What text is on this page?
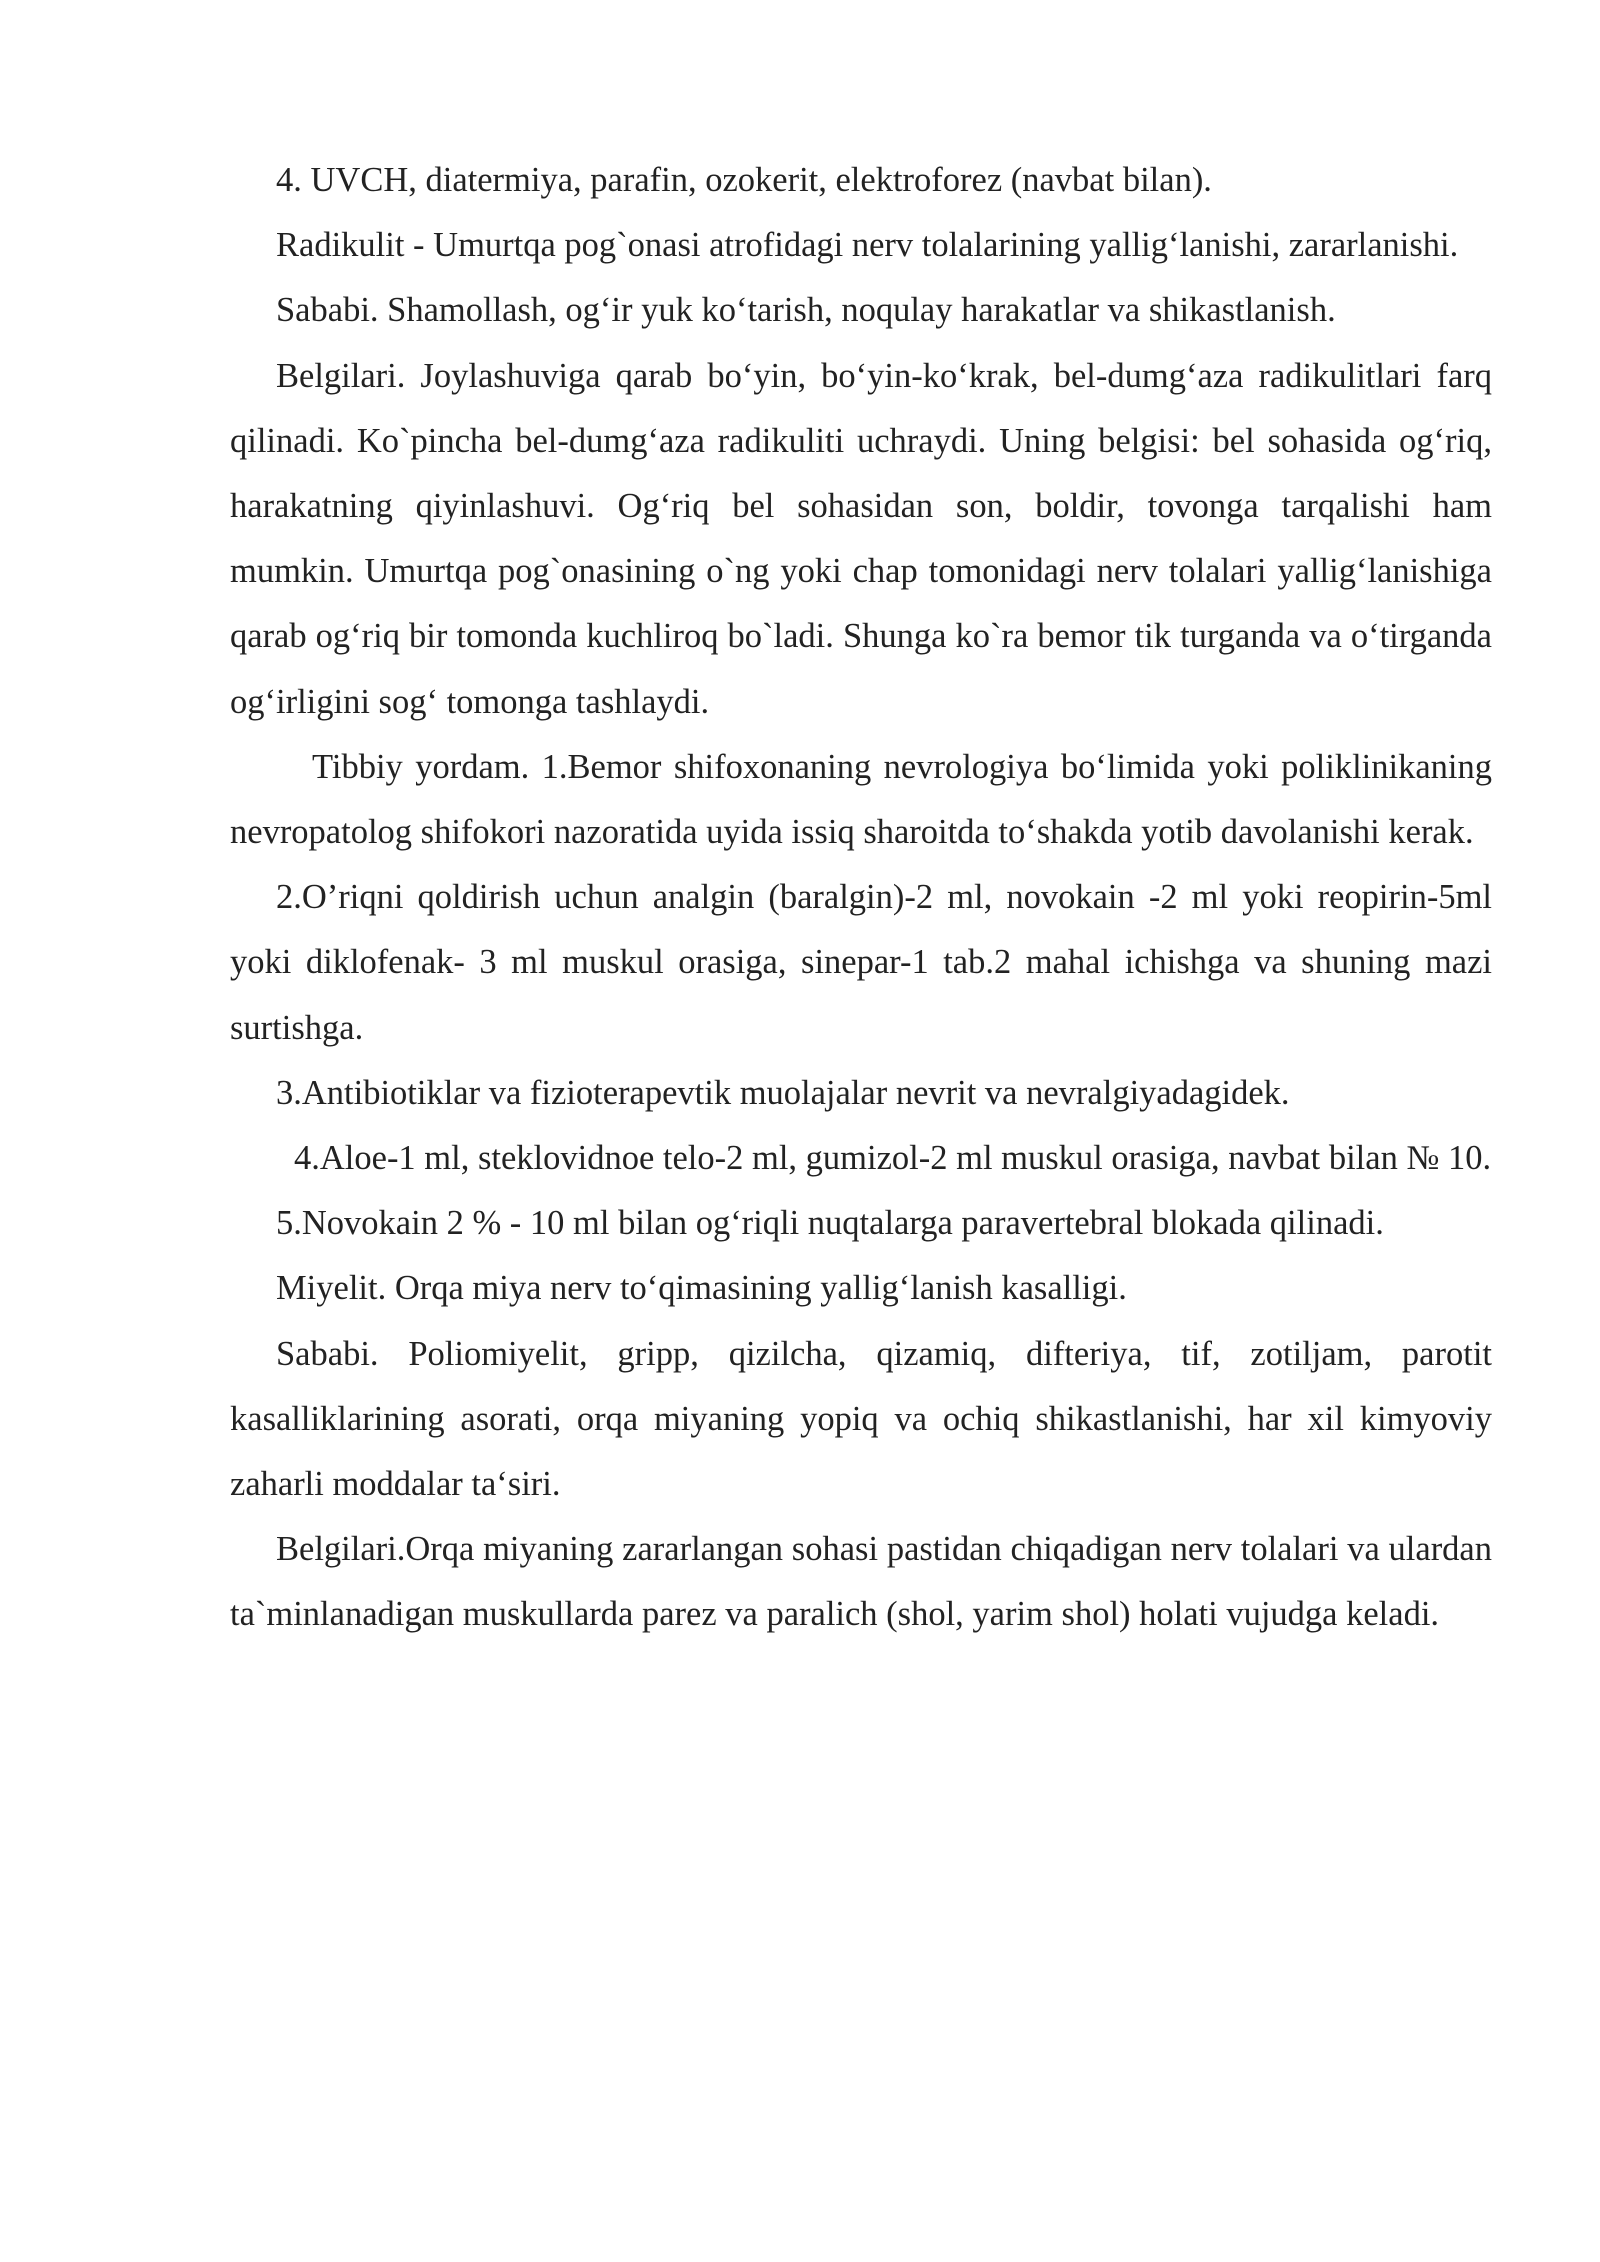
4. UVCH, diatermiya, parafin, ozokerit, elektroforez (navbat bilan).

Radikulit - Umurtqa pog`onasi atrofidagi nerv tolalarining yallig‘lanishi, zararlanishi.

Sababi. Shamollash, og‘ir yuk ko‘tarish, noqulay harakatlar va shikastlanish.

Belgilari. Joylashuviga qarab bo‘yin, bo‘yin-ko‘krak, bel-dumg‘aza radikulitlari farq qilinadi. Ko`pincha bel-dumg‘aza radikuliti uchraydi. Uning belgisi: bel sohasida og‘riq, harakatning qiyinlashuvi. Og‘riq bel sohasidan son, boldir, tovonga tarqalishi ham mumkin. Umurtqa pog`onasining o`ng yoki chap tomonidagi nerv tolalari yallig‘lanishiga qarab og‘riq bir tomonda kuchliroq bo`ladi. Shunga ko`ra bemor tik turganda va o‘tirganda og‘irligini sog‘ tomonga tashlaydi.

Tibbiy yordam. 1.Bemor shifoxonaning nevrologiya bo‘limida yoki poliklinikaning nevropatolog shifokori nazoratida uyida issiq sharoitda to‘shakda yotib davolanishi kerak.

2.O’riqni qoldirish uchun analgin (baralgin)-2 ml, novokain -2 ml yoki reopirin-5ml yoki diklofenak- 3 ml muskul orasiga, sinepar-1 tab.2 mahal ichishga va shuning mazi surtishga.

3.Antibiotiklar va fizioterapevtik muolajalar nevrit va nevralgiyadagidek.

4.Aloe-1 ml, steklovidnoe telo-2 ml, gumizol-2 ml muskul orasiga, navbat bilan № 10.

5.Novokain 2 % - 10 ml bilan og‘riqli nuqtalarga paravertebral blokada qilinadi.

Miyelit. Orqa miya nerv to‘qimasining yallig‘lanish kasalligi.

Sababi. Poliomiyelit, gripp, qizilcha, qizamiq, difteriya, tif, zotiljam, parotit kasalliklarining asorati, orqa miyaning yopiq va ochiq shikastlanishi, har xil kimyoviy zaharli moddalar ta‘siri.

Belgilari.Orqa miyaning zararlangan sohasi pastidan chiqadigan nerv tolalari va ulardan ta`minlanadigan muskullarda parez va paralich (shol, yarim shol) holati vujudga keladi.
